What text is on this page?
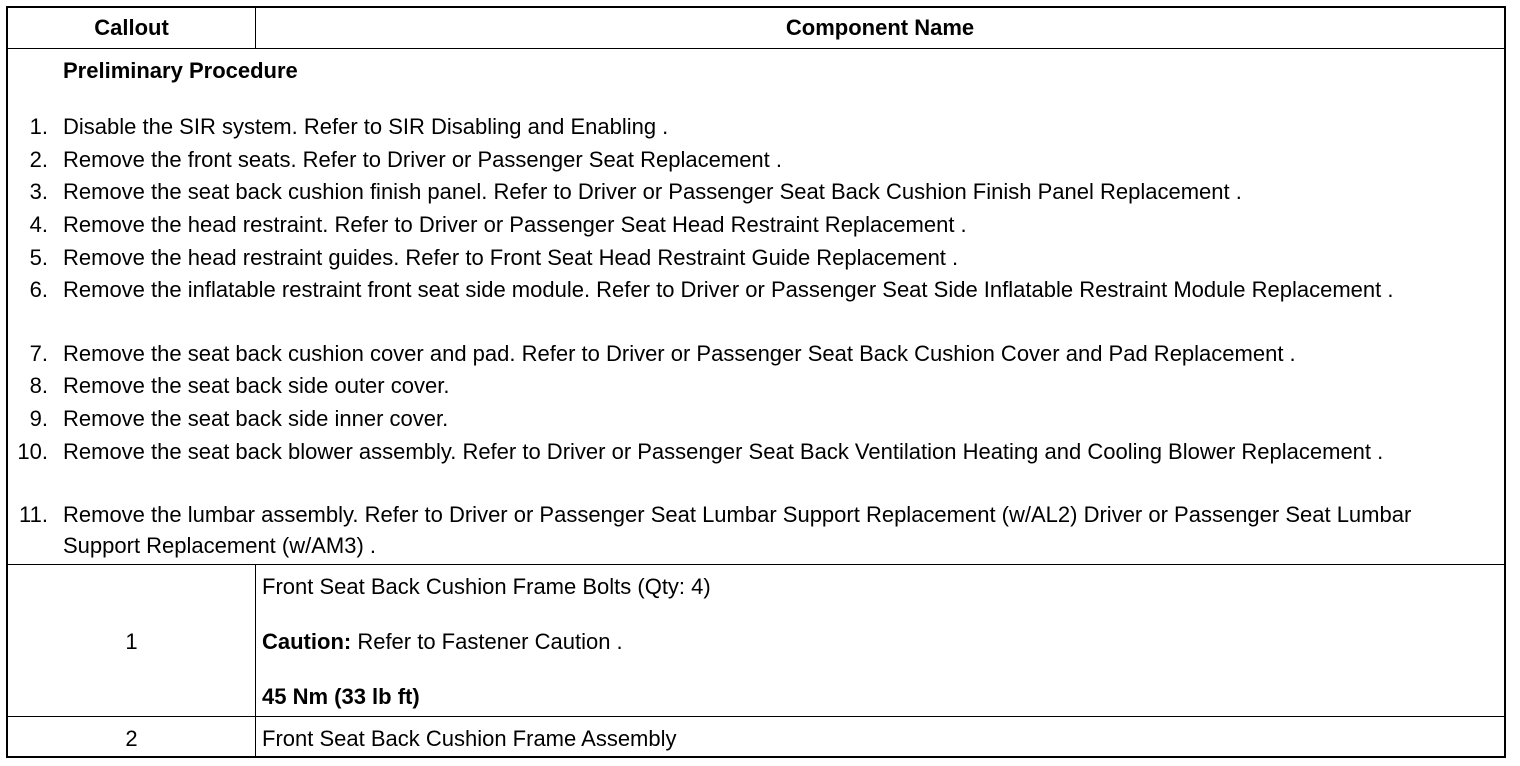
Callout	Component Name
Preliminary Procedure
1. Disable the SIR system. Refer to SIR Disabling and Enabling .
2. Remove the front seats. Refer to Driver or Passenger Seat Replacement .
3. Remove the seat back cushion finish panel. Refer to Driver or Passenger Seat Back Cushion Finish Panel Replacement .
4. Remove the head restraint. Refer to Driver or Passenger Seat Head Restraint Replacement .
5. Remove the head restraint guides. Refer to Front Seat Head Restraint Guide Replacement .
6. Remove the inflatable restraint front seat side module. Refer to Driver or Passenger Seat Side Inflatable Restraint Module Replacement .
7. Remove the seat back cushion cover and pad. Refer to Driver or Passenger Seat Back Cushion Cover and Pad Replacement .
8. Remove the seat back side outer cover.
9. Remove the seat back side inner cover.
10. Remove the seat back blower assembly. Refer to Driver or Passenger Seat Back Ventilation Heating and Cooling Blower Replacement .
11. Remove the lumbar assembly. Refer to Driver or Passenger Seat Lumbar Support Replacement (w/AL2) Driver or Passenger Seat Lumbar Support Replacement (w/AM3) .
1
Front Seat Back Cushion Frame Bolts (Qty: 4)
Caution: Refer to Fastener Caution .
45 Nm (33 lb ft)
2	Front Seat Back Cushion Frame Assembly
